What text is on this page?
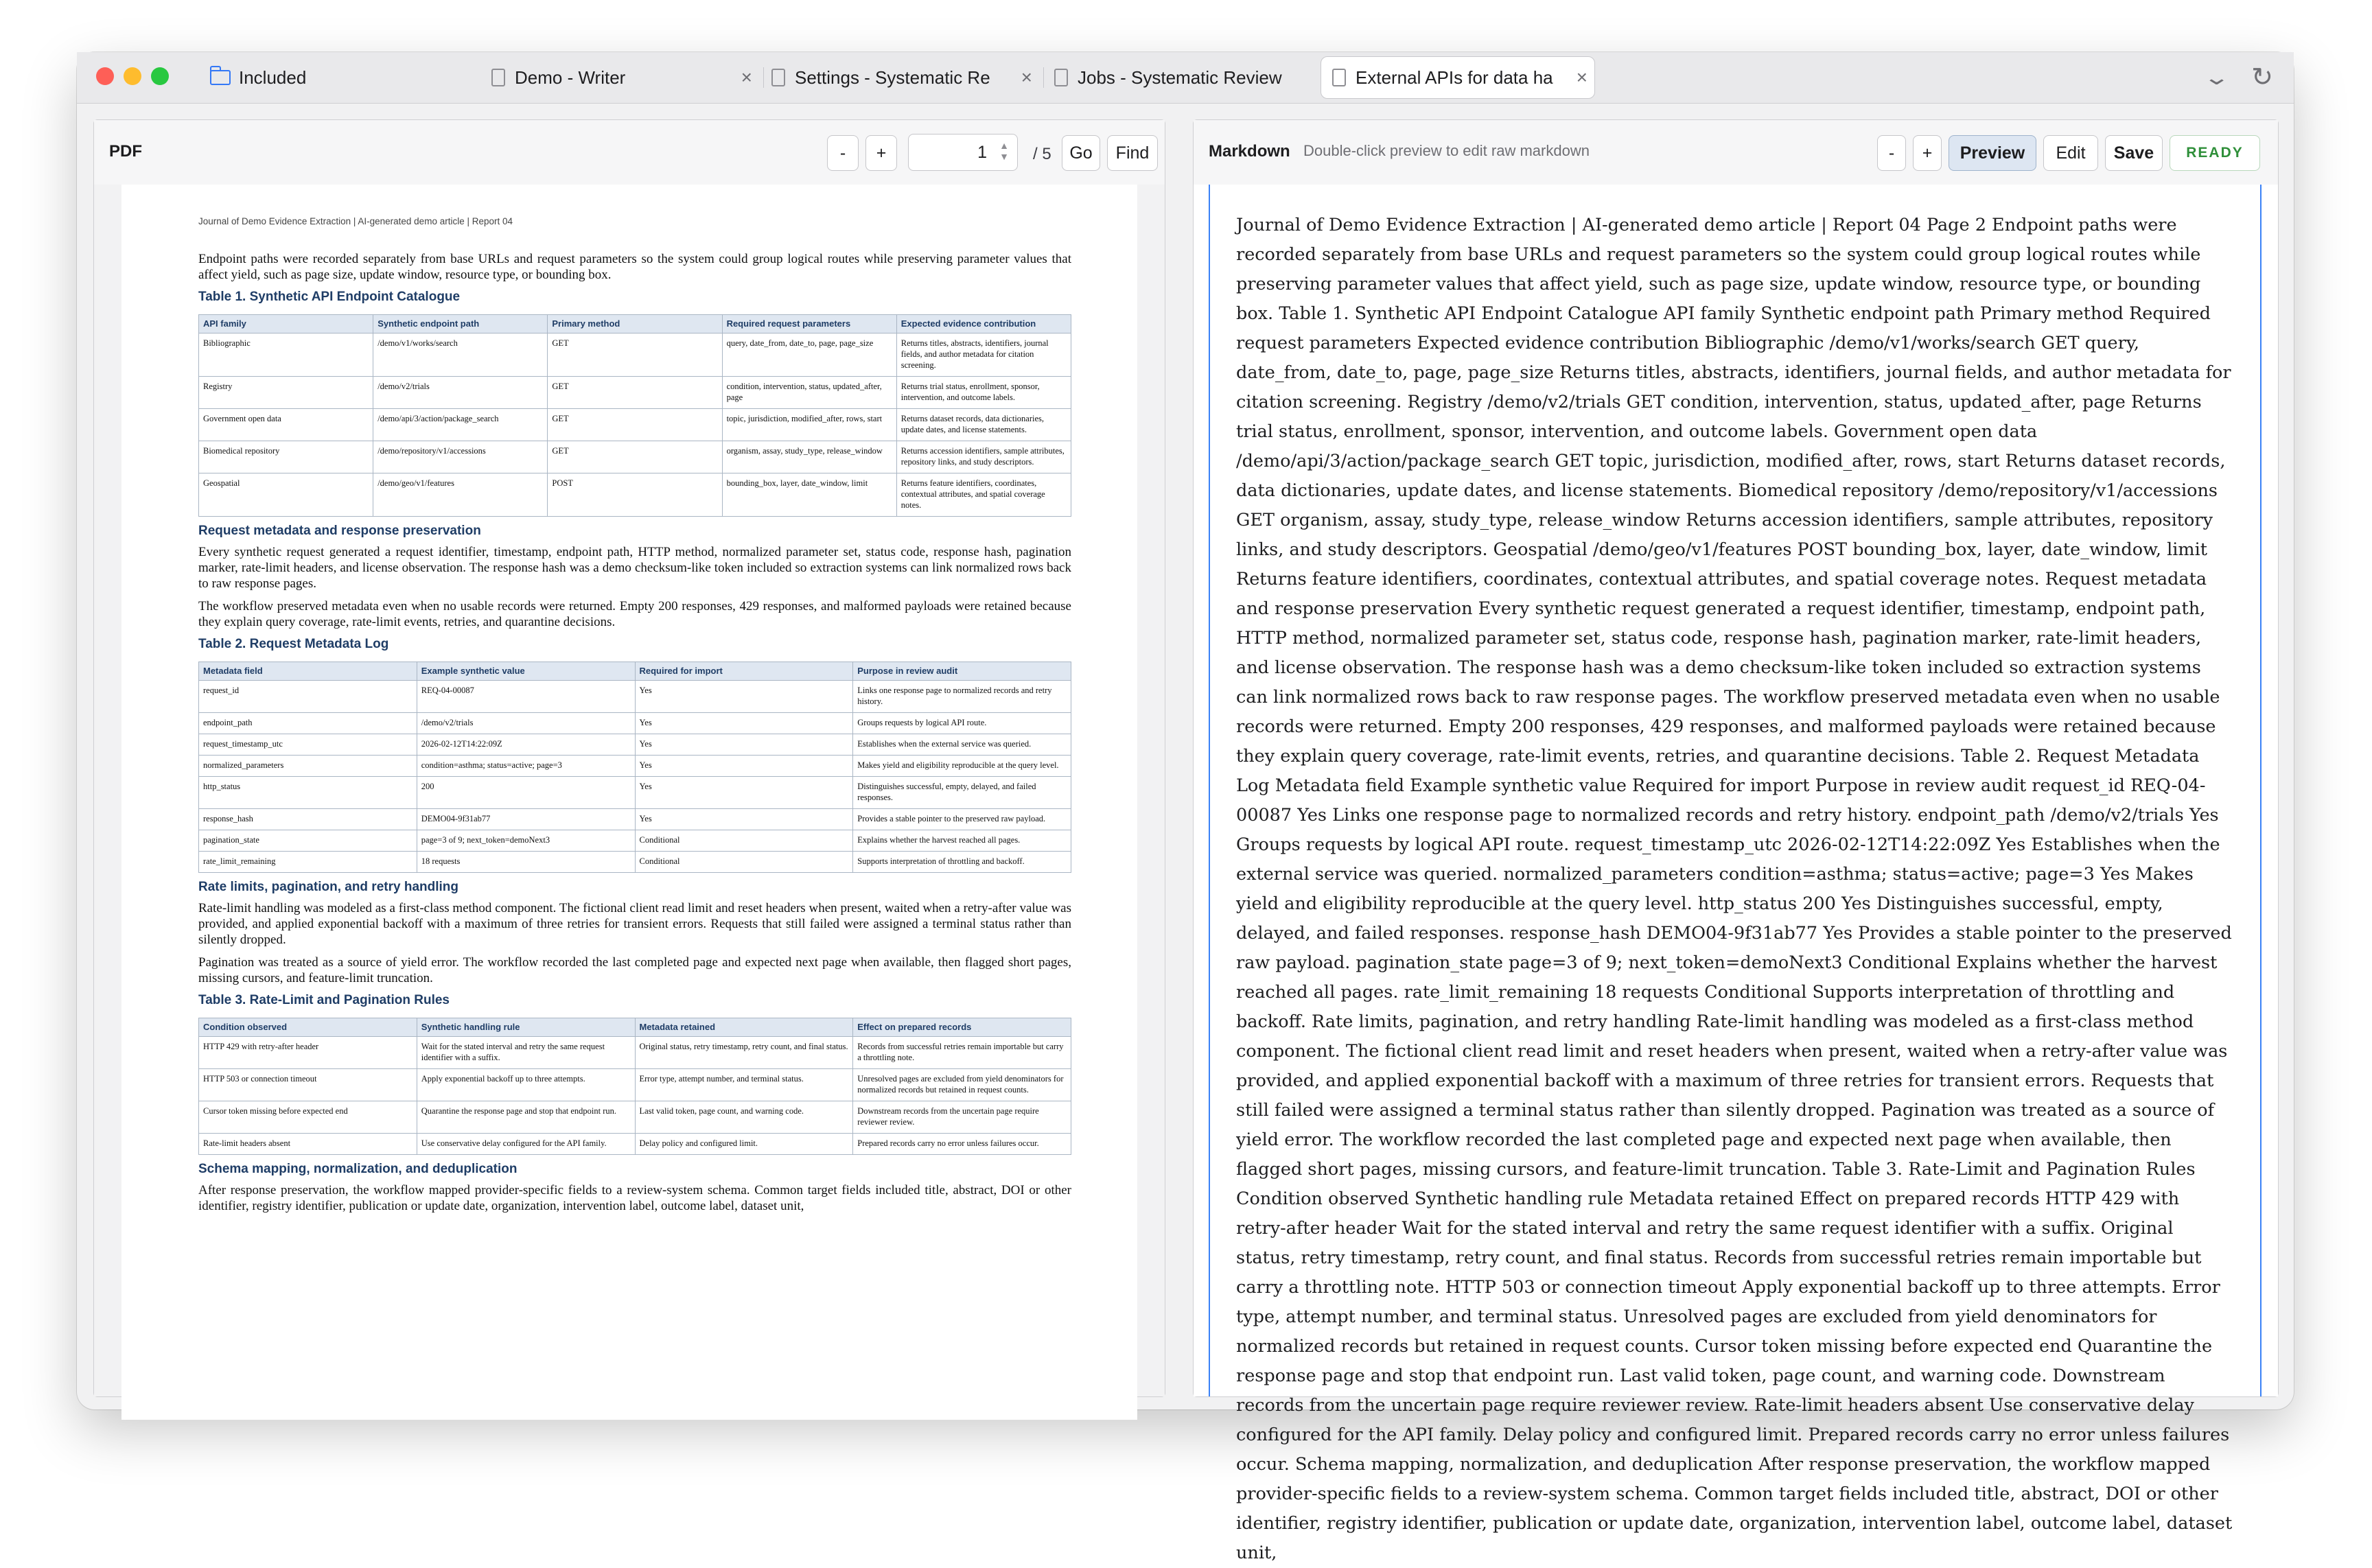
Included	Demo - Writer	×	Settings - Systematic Re ×	Jobs - Systematic Review	External APIs for data ha ×	⌄ ↻
PDF	-	+	1 ▲
▼ / 5	Go	Find
Journal of Demo Evidence Extraction | AI-generated demo article | Report 04

Endpoint paths were recorded separately from base URLs and request parameters so the system could group logical routes while preserving parameter values that affect yield, such as page size, update window, resource type, or bounding box.

Table 1. Synthetic API Endpoint Catalogue
API family	Synthetic endpoint path	Primary method	Required request parameters	Expected evidence contribution
Bibliographic	/demo/v1/works/search	GET	query, date_from, date_to, page, page_size	Returns titles, abstracts, identifiers, journal fields, and author metadata for citation screening.
Registry	/demo/v2/trials	GET	condition, intervention, status, updated_after, page	Returns trial status, enrollment, sponsor, intervention, and outcome labels.
Government open data	/demo/api/3/action/package_search	GET	topic, jurisdiction, modified_after, rows, start	Returns dataset records, data dictionaries, update dates, and license statements.
Biomedical repository	/demo/repository/v1/accessions	GET	organism, assay, study_type, release_window	Returns accession identifiers, sample attributes, repository links, and study descriptors.
Geospatial	/demo/geo/v1/features	POST	bounding_box, layer, date_window, limit	Returns feature identifiers, coordinates, contextual attributes, and spatial coverage notes.
Request metadata and response preservation

Every synthetic request generated a request identifier, timestamp, endpoint path, HTTP method, normalized parameter set, status code, response hash, pagination marker, rate-limit headers, and license observation. The response hash was a demo checksum-like token included so extraction systems can link normalized rows back to raw response pages.

The workflow preserved metadata even when no usable records were returned. Empty 200 responses, 429 responses, and malformed payloads were retained because they explain query coverage, rate-limit events, retries, and quarantine decisions.

Table 2. Request Metadata Log
Metadata field	Example synthetic value	Required for import	Purpose in review audit
request_id	REQ-04-00087	Yes	Links one response page to normalized records and retry history.
endpoint_path	/demo/v2/trials	Yes	Groups requests by logical API route.
request_timestamp_utc	2026-02-12T14:22:09Z	Yes	Establishes when the external service was queried.
normalized_parameters	condition=asthma; status=active; page=3	Yes	Makes yield and eligibility reproducible at the query level.
http_status	200	Yes	Distinguishes successful, empty, delayed, and failed responses.
response_hash	DEMO04-9f31ab77	Yes	Provides a stable pointer to the preserved raw payload.
pagination_state	page=3 of 9; next_token=demoNext3	Conditional	Explains whether the harvest reached all pages.
rate_limit_remaining	18 requests	Conditional	Supports interpretation of throttling and backoff.
Rate limits, pagination, and retry handling

Rate-limit handling was modeled as a first-class method component. The fictional client read limit and reset headers when present, waited when a retry-after value was provided, and applied exponential backoff with a maximum of three retries for transient errors. Requests that still failed were assigned a terminal status rather than silently dropped.

Pagination was treated as a source of yield error. The workflow recorded the last completed page and expected next page when available, then flagged short pages, missing cursors, and feature-limit truncation.

Table 3. Rate-Limit and Pagination Rules
Condition observed	Synthetic handling rule	Metadata retained	Effect on prepared records
HTTP 429 with retry-after header	Wait for the stated interval and retry the same request identifier with a suffix.	Original status, retry timestamp, retry count, and final status.	Records from successful retries remain importable but carry a throttling note.
HTTP 503 or connection timeout	Apply exponential backoff up to three attempts.	Error type, attempt number, and terminal status.	Unresolved pages are excluded from yield denominators for normalized records but retained in request counts.
Cursor token missing before expected end	Quarantine the response page and stop that endpoint run.	Last valid token, page count, and warning code.	Downstream records from the uncertain page require reviewer review.
Rate-limit headers absent	Use conservative delay configured for the API family.	Delay policy and configured limit.	Prepared records carry no error unless failures occur.
Schema mapping, normalization, and deduplication

After response preservation, the workflow mapped provider-specific fields to a review-system schema. Common target fields included title, abstract, DOI or other identifier, registry identifier, publication or update date, organization, intervention label, outcome label, dataset unit,

Markdown Double-click preview to edit raw markdown	-	+	Preview	Edit	Save	READY
Journal of Demo Evidence Extraction | AI-generated demo article | Report 04 Page 2 Endpoint paths were recorded separately from base URLs and request parameters so the system could group logical routes while preserving parameter values that affect yield, such as page size, update window, resource type, or bounding box. Table 1. Synthetic API Endpoint Catalogue API family Synthetic endpoint path Primary method Required request parameters Expected evidence contribution Bibliographic /demo/v1/works/search GET query, date_from, date_to, page, page_size Returns titles, abstracts, identifiers, journal fields, and author metadata for citation screening. Registry /demo/v2/trials GET condition, intervention, status, updated_after, page Returns trial status, enrollment, sponsor, intervention, and outcome labels. Government open data /demo/api/3/action/package_search GET topic, jurisdiction, modified_after, rows, start Returns dataset records, data dictionaries, update dates, and license statements. Biomedical repository /demo/repository/v1/accessions GET organism, assay, study_type, release_window Returns accession identifiers, sample attributes, repository links, and study descriptors. Geospatial /demo/geo/v1/features POST bounding_box, layer, date_window, limit Returns feature identifiers, coordinates, contextual attributes, and spatial coverage notes. Request metadata and response preservation Every synthetic request generated a request identifier, timestamp, endpoint path, HTTP method, normalized parameter set, status code, response hash, pagination marker, rate-limit headers, and license observation. The response hash was a demo checksum-like token included so extraction systems can link normalized rows back to raw response pages. The workflow preserved metadata even when no usable records were returned. Empty 200 responses, 429 responses, and malformed payloads were retained because they explain query coverage, rate-limit events, retries, and quarantine decisions. Table 2. Request Metadata Log Metadata field Example synthetic value Required for import Purpose in review audit request_id REQ-04-00087 Yes Links one response page to normalized records and retry history. endpoint_path /demo/v2/trials Yes Groups requests by logical API route. request_timestamp_utc 2026-02-12T14:22:09Z Yes Establishes when the external service was queried. normalized_parameters condition=asthma; status=active; page=3 Yes Makes yield and eligibility reproducible at the query level. http_status 200 Yes Distinguishes successful, empty, delayed, and failed responses. response_hash DEMO04-9f31ab77 Yes Provides a stable pointer to the preserved raw payload. pagination_state page=3 of 9; next_token=demoNext3 Conditional Explains whether the harvest reached all pages. rate_limit_remaining 18 requests Conditional Supports interpretation of throttling and backoff. Rate limits, pagination, and retry handling Rate-limit handling was modeled as a first-class method component. The fictional client read limit and reset headers when present, waited when a retry-after value was provided, and applied exponential backoff with a maximum of three retries for transient errors. Requests that still failed were assigned a terminal status rather than silently dropped. Pagination was treated as a source of yield error. The workflow recorded the last completed page and expected next page when available, then flagged short pages, missing cursors, and feature-limit truncation. Table 3. Rate-Limit and Pagination Rules Condition observed Synthetic handling rule Metadata retained Effect on prepared records HTTP 429 with retry-after header Wait for the stated interval and retry the same request identifier with a suffix. Original status, retry timestamp, retry count, and final status. Records from successful retries remain importable but carry a throttling note. HTTP 503 or connection timeout Apply exponential backoff up to three attempts. Error type, attempt number, and terminal status. Unresolved pages are excluded from yield denominators for normalized records but retained in request counts. Cursor token missing before expected end Quarantine the response page and stop that endpoint run. Last valid token, page count, and warning code. Downstream records from the uncertain page require reviewer review. Rate-limit headers absent Use conservative delay configured for the API family. Delay policy and configured limit. Prepared records carry no error unless failures occur. Schema mapping, normalization, and deduplication After response preservation, the workflow mapped provider-specific fields to a review-system schema. Common target fields included title, abstract, DOI or other identifier, registry identifier, publication or update date, organization, intervention label, outcome label, dataset unit,
